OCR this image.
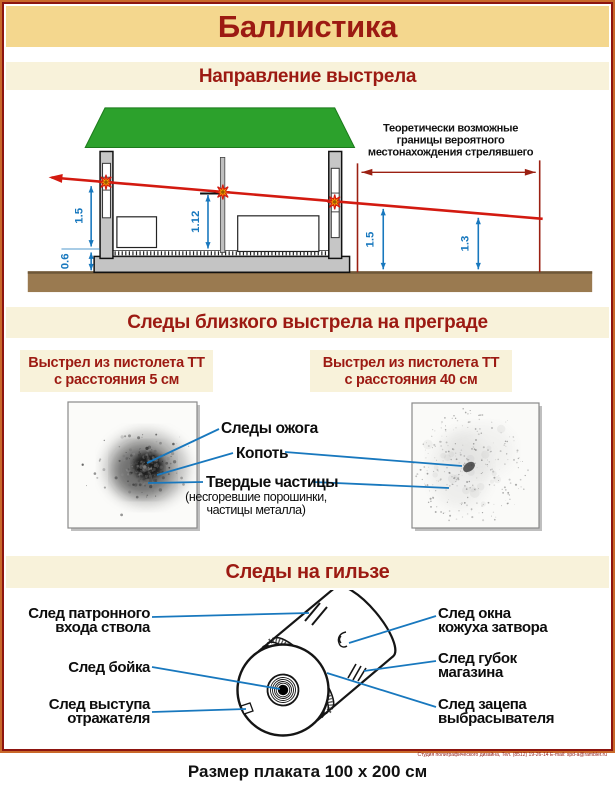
Баллистика
Направление выстрела
Теоретически возможные
границы вероятного
местонахождения стрелявшего
1.5
0.6
1.12
1.5	1.3
Следы близкого выстрела на преграде
Выстрел из пистолета ТТ
с расстояния 5 см
Выстрел из пистолета ТТ
с расстояния 40 см
Следы ожога
Копоть
Твердые частицы
(несгоревшие порошинки,
частицы металла)
Следы на гильзе
След патронного
входа ствола
След бойка
След выступа
отражателя
След окна
кожуха затвора
След губок
магазина
След зацепа
выбрасывателя
Студия полиграфического дизайна, Тел. (8512) 19-26-14 E-mail: spd-a@rambler.ru
Размер плаката 100 x 200 см
